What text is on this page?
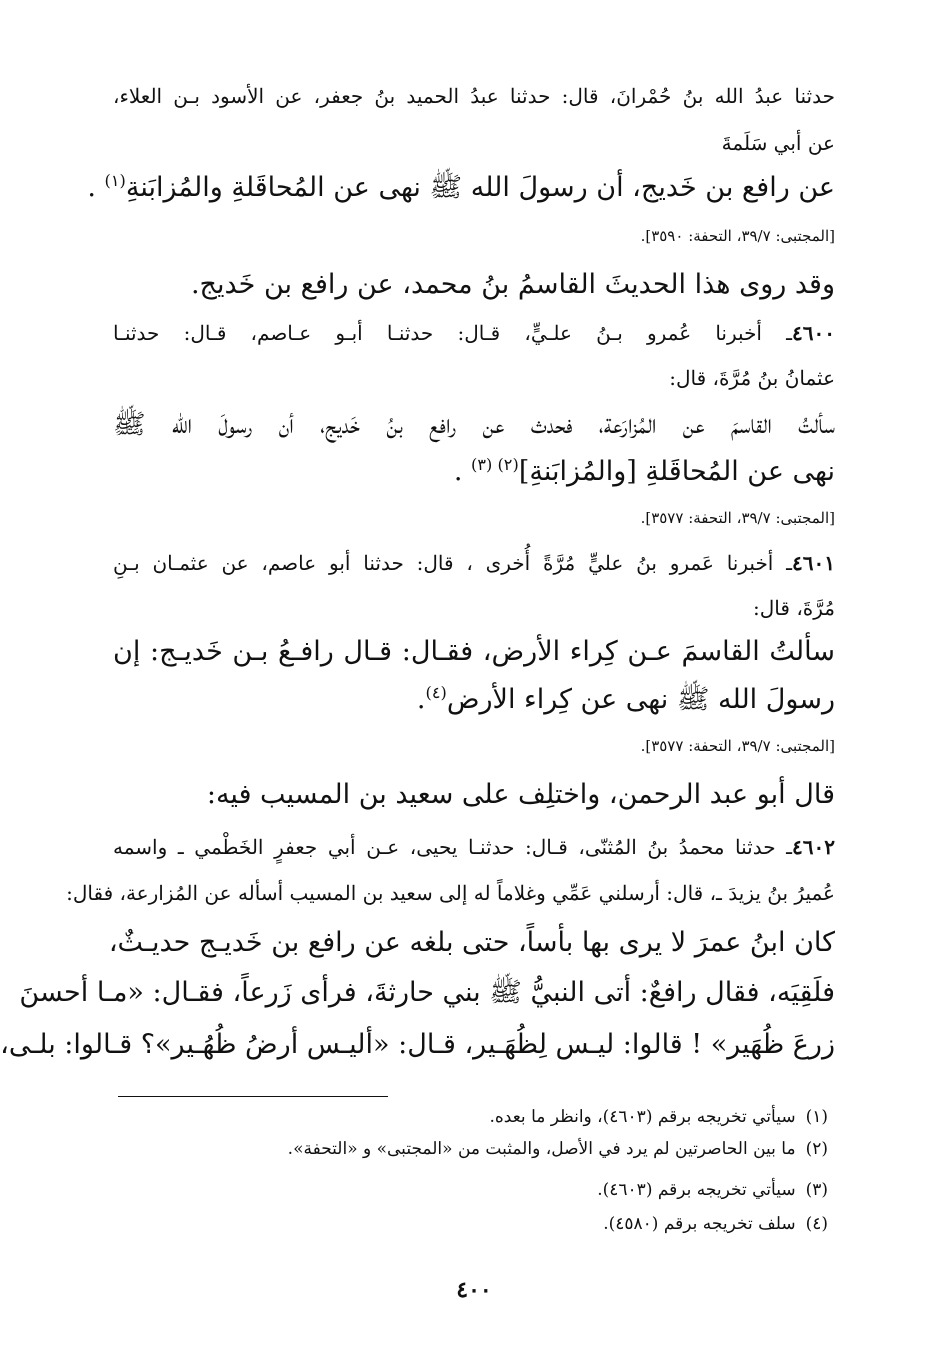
حدثنا عبدُ الله بنُ حُمْرانَ، قال: حدثنا عبدُ الحميد بنُ جعفر، عن الأسود بـن العلاء،
عن أبي سَلَمةَ
عن رافع بن خَديج، أن رسولَ الله ﷺ نهى عن المُحاقَلةِ والمُزابَنةِ$^{(١)}$ .
[المجتبى: ٣٩/٧، التحفة: ٣٥٩٠].
وقد روى هذا الحديثَ القاسمُ بنُ محمد، عن رافع بن خَديج.
٤٦٠٠ـ أخبرنا عُمرو بـنُ علـيٍّ، قـال: حدثنـا أبـو عـاصم، قـال: حدثنـا
عثمانُ بنُ مُرَّةَ، قال:
سألتُ القاسمَ عن المُزارَعة، فحدث عن رافع بنُ خَديج، أن رسولَ الله ﷺ
نهى عن المُحاقَلةِ [والمُزابَنةِ]$^{(٢) (٣)}$ .
[المجتبى: ٣٩/٧، التحفة: ٣٥٧٧].
٤٦٠١ـ أخبرنا عَمرو بنُ عليٍّ مُرَّةً أُخرى ، قال: حدثنا أبو عاصم، عن عثمـان بـنِ
مُرَّةَ، قال:
سألتُ القاسمَ عـن كِراء الأرض، فقـال: قـال رافـعُ بـن خَديـج: إن
رسولَ الله ﷺ نهى عن كِراء الأرض$^{(٤)}$.
[المجتبى: ٣٩/٧، التحفة: ٣٥٧٧].
قال أبو عبد الرحمن، واختلِف على سعيد بن المسيب فيه:
٤٦٠٢ـ حدثنا محمدُ بنُ المُثنّى، قـال: حدثنـا يحيى، عـن أبي جعفرٍ الخَطْمي ـ واسمه
عُميرُ بنُ يزيدَ ـ، قال: أرسلني عَمِّي وغلاماً له إلى سعيد بن المسيب أسأله عن المُزارعة، فقال:
كان ابنُ عمرَ لا يرى بها بأساً، حتى بلغه عن رافع بن خَديـج حديـثٌ،
فلَقِيَه، فقال رافعٌ: أتى النبيُّ ﷺ بني حارثةَ، فرأى زَرعاً، فقـال: «مـا أحسنَ
زرعَ ظُهَير» ! قالوا: ليـس لِظُهَـير، قـال: «أليـس أرضُ ظُهُـير»؟ قـالوا: بلـى،
(١)سيأتي تخريجه برقم (٤٦٠٣)، وانظر ما بعده.
(٢)ما بين الحاصرتين لم يرد في الأصل، والمثبت من «المجتبى» و «التحفة».
(٣)سيأتي تخريجه برقم (٤٦٠٣).
(٤)سلف تخريجه برقم (٤٥٨٠).
٤٠٠
